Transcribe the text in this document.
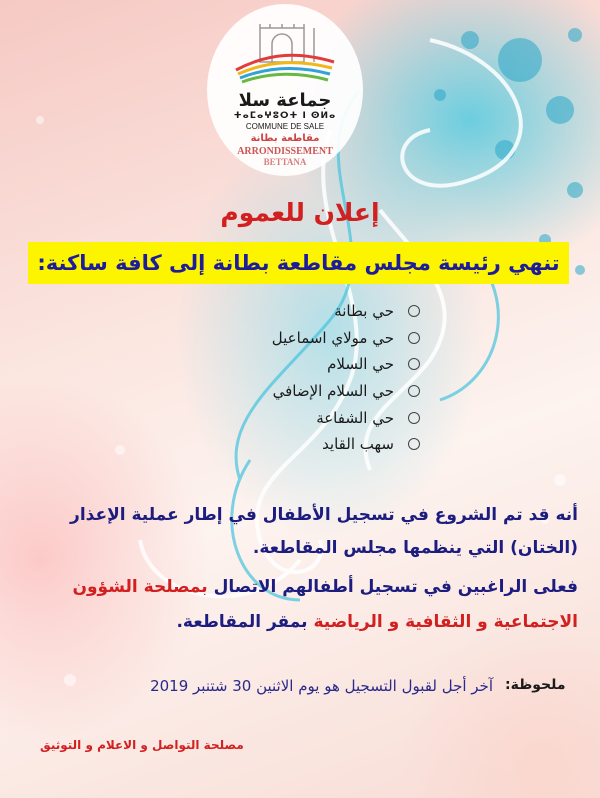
جماعة سلا
ⵜⴰⵎⴰⵖⵓⵔⵜ ⵏ ⵙⵍⴰ
COMMUNE DE SALE
مقاطعة بطانة
ARRONDISSEMENT
BETTANA
إعلان للعموم
تنهي رئيسة مجلس مقاطعة بطانة إلى كافة ساكنة:
حي بطانة
حي مولاي اسماعيل
حي السلام
حي السلام الإضافي
حي الشفاعة
سهب القايد
أنه قد تم الشروع في تسجيل الأطفال في إطار عملية الإعذار
(الختان) التي ينظمها مجلس المقاطعة.
فعلى الراغبين في تسجيل أطفالهم الاتصال بمصلحة الشؤون
الاجتماعية و الثقافية و الرياضية بمقر المقاطعة.
ملحوظة:
آخر أجل لقبول التسجيل هو يوم الاثنين 30 شتنبر 2019
مصلحة التواصل و الاعلام و التوثيق
